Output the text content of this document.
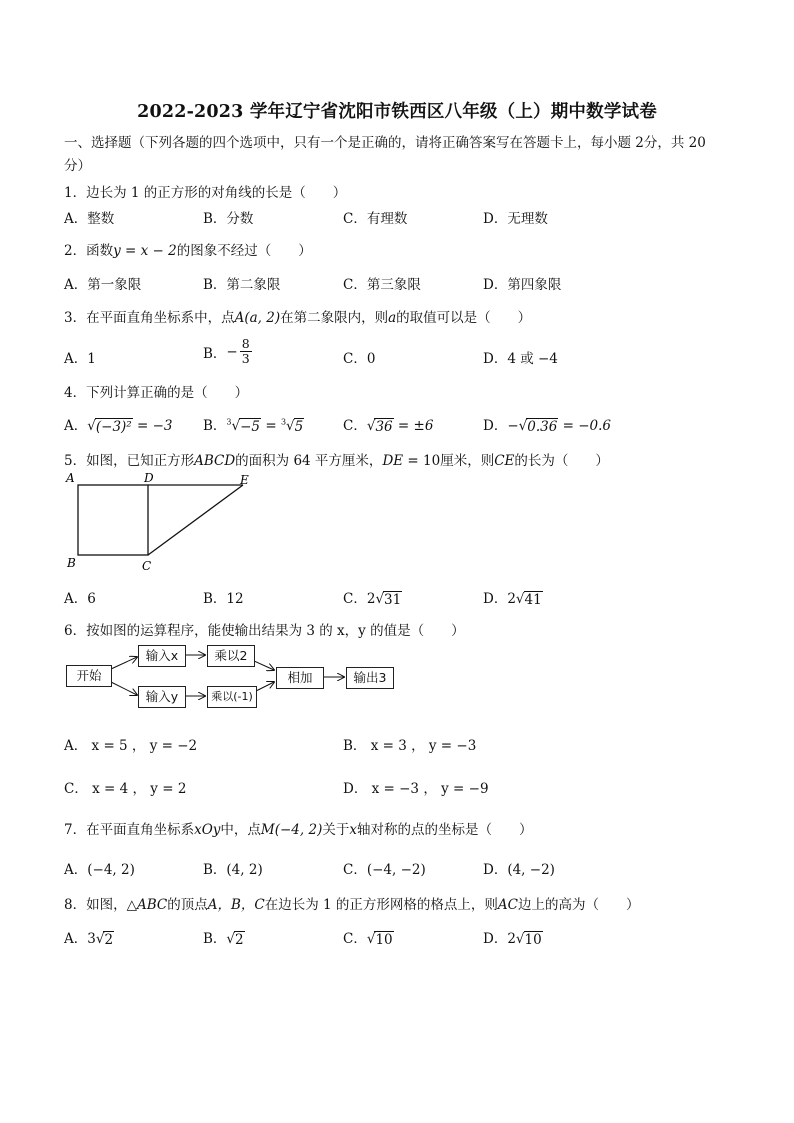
2022-2023 学年辽宁省沈阳市铁西区八年级（上）期中数学试卷
一、选择题（下列各题的四个选项中，只有一个是正确的，请将正确答案写在答题卡上，每小题 2分，共 20
分）
1．边长为 1 的正方形的对角线的长是（　　）
A．整数	B．分数	C．有理数	D．无理数
2．函数y = x − 2的图象不经过（　　）
A．第一象限	B．第二象限	C．第三象限	D．第四象限
3．在平面直角坐标系中，点A(a, 2)在第二象限内，则a的取值可以是（　　）
A．1	B． − $\frac{8}{3}$	C．0	D．4 或 −4
4．下列计算正确的是（　　）
A． √ (−3)² = −3 B．$^3$ √ −5 = $^3$ √ 5	C． √ 36 = ±6	D．− √ 0.36 = −0.6
5．如图，已知正方形ABCD的面积为 64 平方厘米，DE = 10厘米，则CE的长为（　　）
A	D	E
B	C
A．6	B．12	C．2 √ 31	D．2 √ 41
6．按如图的运算程序，能使输出结果为 3 的 x，y 的值是（　　）
开始
输入x	乘以2
输入y	乘以(-1)
相加	输出3
A． x = 5 ， y = −2	B． x = 3 ， y = −3
C． x = 4 ， y = 2	D． x = −3 ， y = −9
7．在平面直角坐标系xOy中，点M(−4, 2)关于x轴对称的点的坐标是（　　）
A．(−4, 2)	B．(4, 2)	C．(−4, −2)	D．(4, −2)
8．如图，△ABC的顶点A，B，C在边长为 1 的正方形网格的格点上，则AC边上的高为（　　）
A．3 √ 2	B． √ 2	C． √ 10	D．2 √ 10
